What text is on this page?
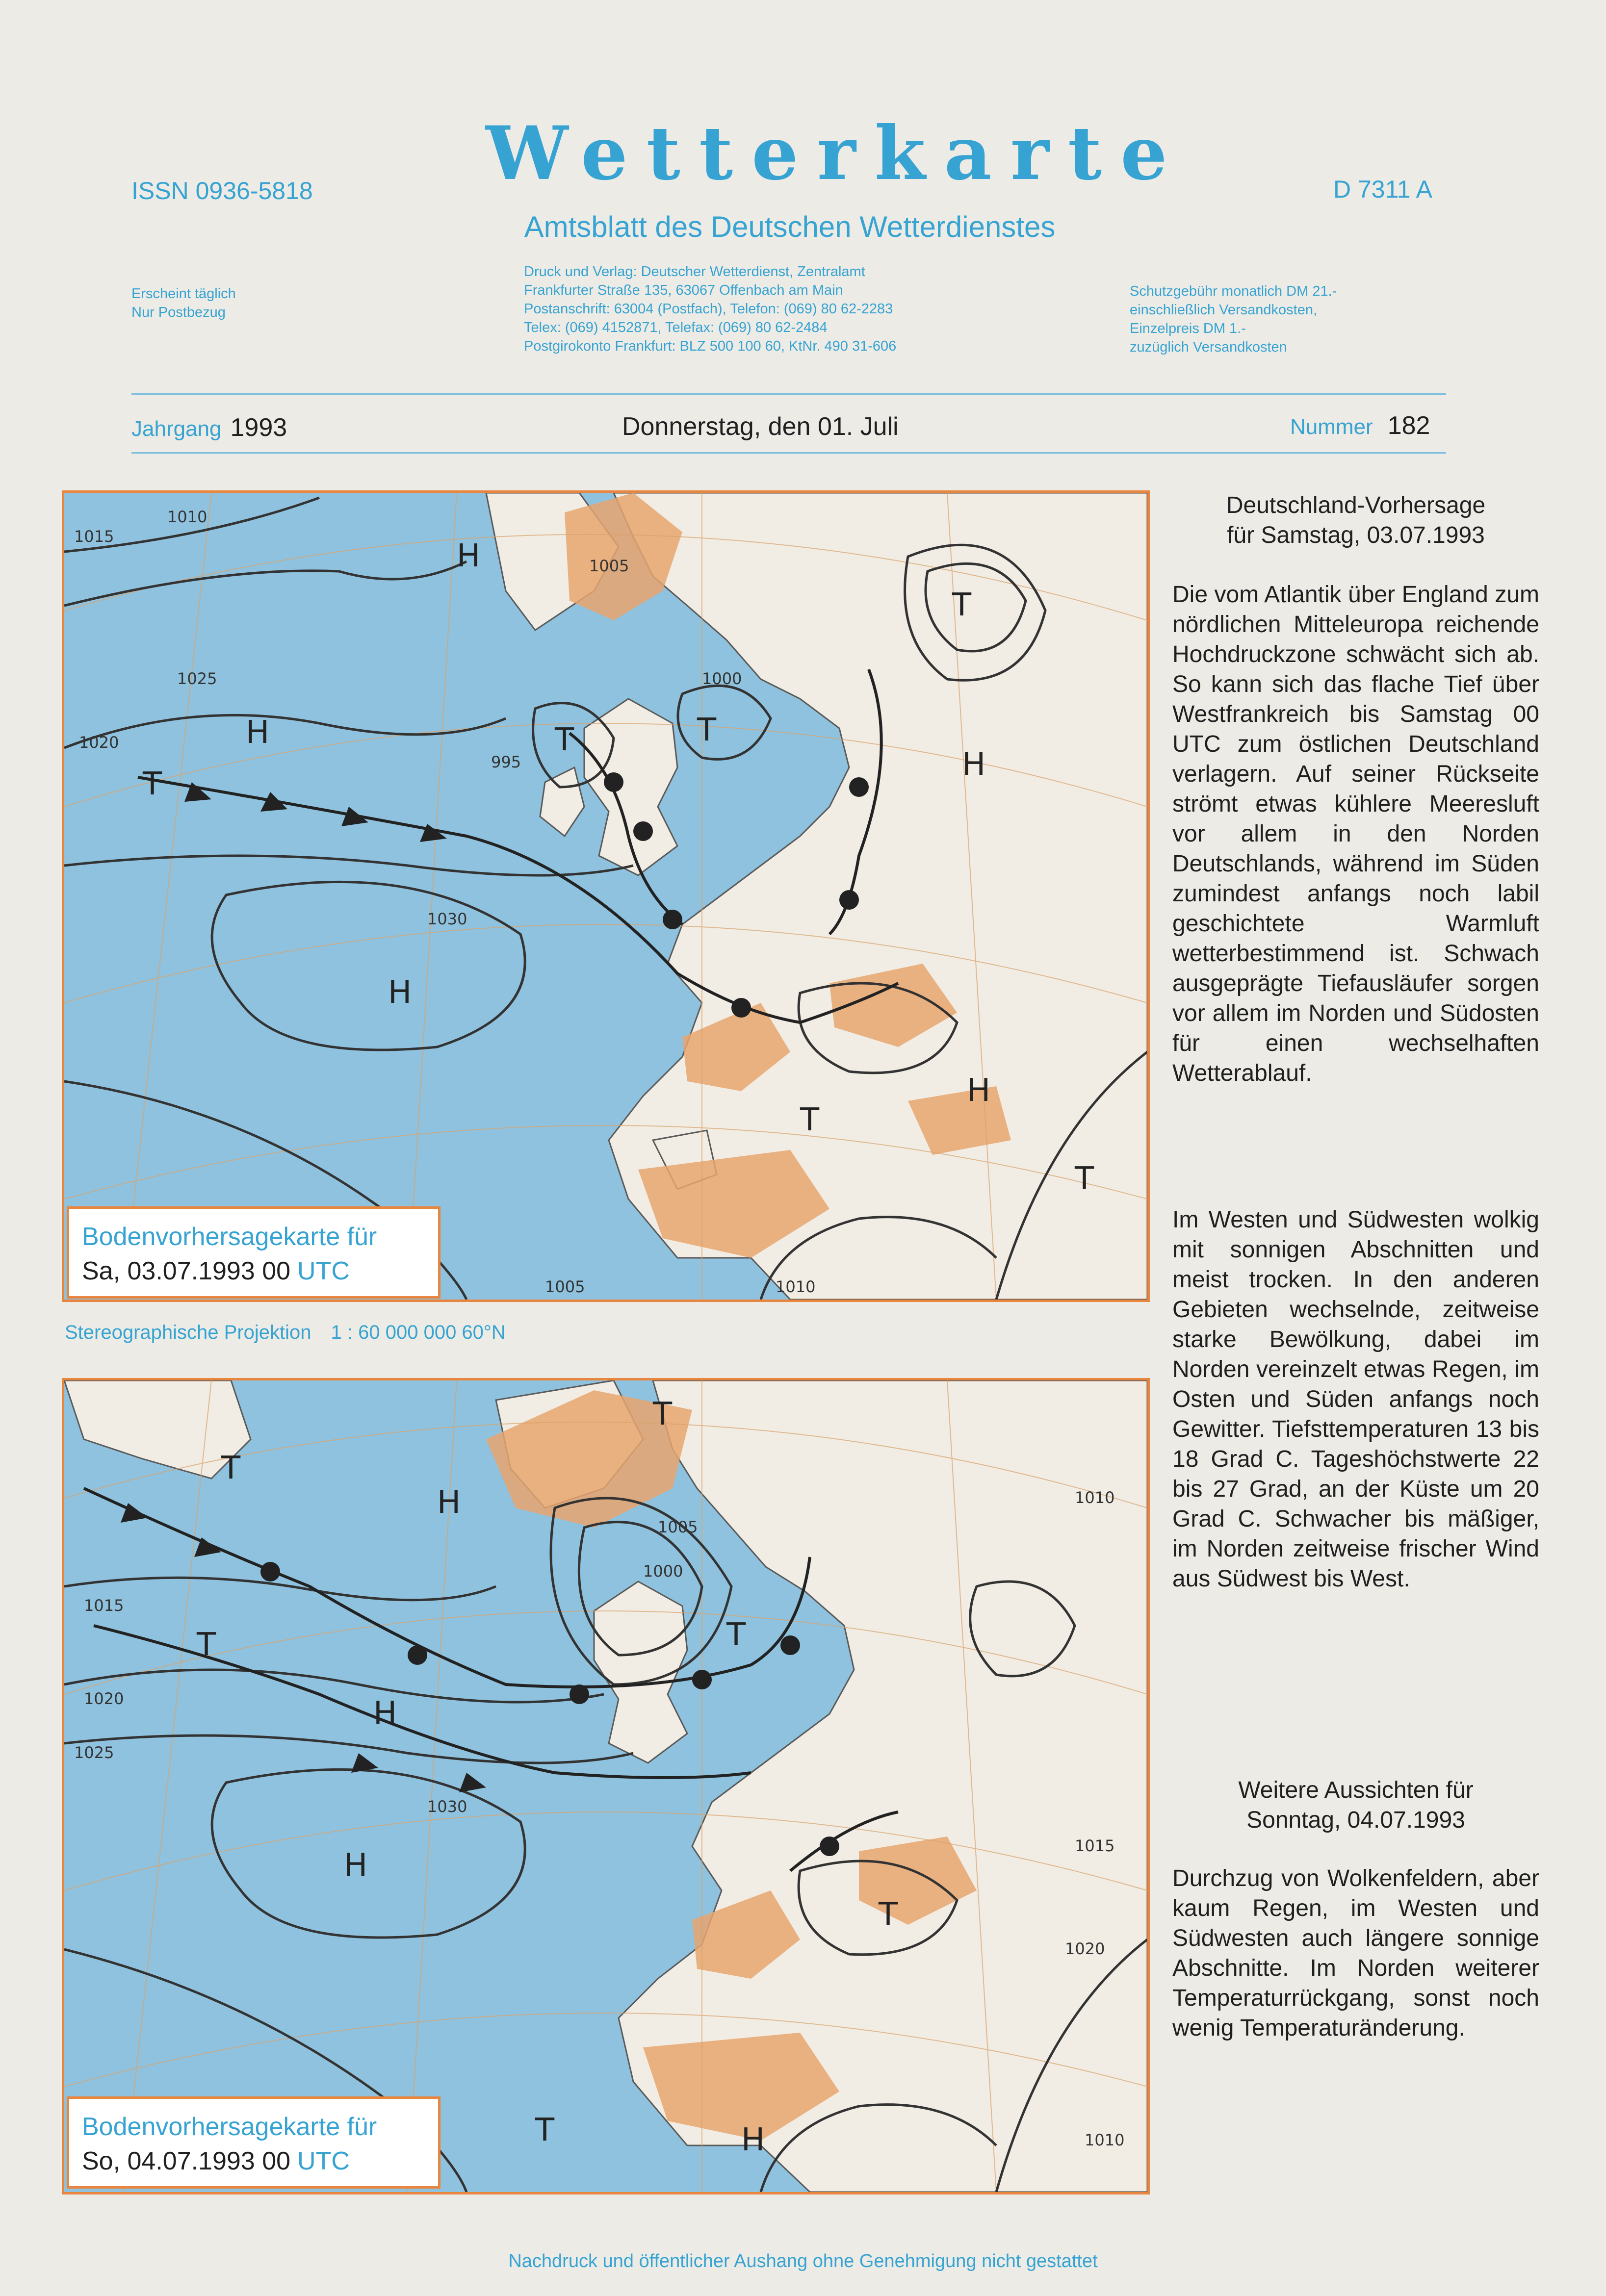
ISSN 0936-5818 Wetterkarte	D 7311 A
Amtsblatt des Deutschen Wetterdienstes
Erscheint täglich
Nur Postbezug
Druck und Verlag: Deutscher Wetterdienst, Zentralamt
Frankfurter Straße 135, 63067 Offenbach am Main
Postanschrift: 63004 (Postfach), Telefon: (069) 80 62-2283
Telex: (069) 4152871, Telefax: (069) 80 62-2484
Postgirokonto Frankfurt: BLZ 500 100 60, KtNr. 490 31-606
Schutzgebühr monatlich DM 21.-
einschließlich Versandkosten,
Einzelpreis DM 1.-
zuzüglich Versandkosten
Jahrgang 1993	Donnerstag, den 01. Juli	Nummer 182
H
H
H
T
T	T
T
H
T
H
T
1010
1015
1020
1025
1030
1005
1000
995
1010
1005
Bodenvorhersagekarte für
Sa, 03.07.1993 00 UTC
Stereographische Projektion 1 : 60 000 000 60°N
T
H
T
T
H
H
T
T
H
T
1015
1020
1025
1030
1005
1000
1010
1015
1020
1010
Bodenvorhersagekarte für
So, 04.07.1993 00 UTC
Deutschland-Vorhersage
für Samstag, 03.07.1993

Die vom Atlantik über England zum nördlichen Mitteleuropa reichende Hochdruckzone schwächt sich ab. So kann sich das flache Tief über Westfrankreich bis Samstag 00 UTC zum östlichen Deutschland verlagern. Auf seiner Rückseite strömt etwas kühlere Meeresluft vor allem in den Norden Deutschlands, während im Süden zumindest anfangs noch labil geschichtete Warmluft wetterbestimmend ist. Schwach ausgeprägte Tiefausläufer sorgen vor allem im Norden und Südosten für einen wechselhaften Wetterablauf.

Im Westen und Südwesten wolkig mit sonnigen Abschnitten und meist trocken. In den anderen Gebieten wechselnde, zeitweise starke Bewölkung, dabei im Norden vereinzelt etwas Regen, im Osten und Süden anfangs noch Gewitter. Tiefsttemperaturen 13 bis 18 Grad C. Tageshöchstwerte 22 bis 27 Grad, an der Küste um 20 Grad C. Schwacher bis mäßiger, im Norden zeitweise frischer Wind aus Südwest bis West.

Weitere Aussichten für
Sonntag, 04.07.1993

Durchzug von Wolkenfeldern, aber kaum Regen, im Westen und Südwesten auch längere sonnige Abschnitte. Im Norden weiterer Temperaturrückgang, sonst noch wenig Temperaturänderung.

Nachdruck und öffentlicher Aushang ohne Genehmigung nicht gestattet
